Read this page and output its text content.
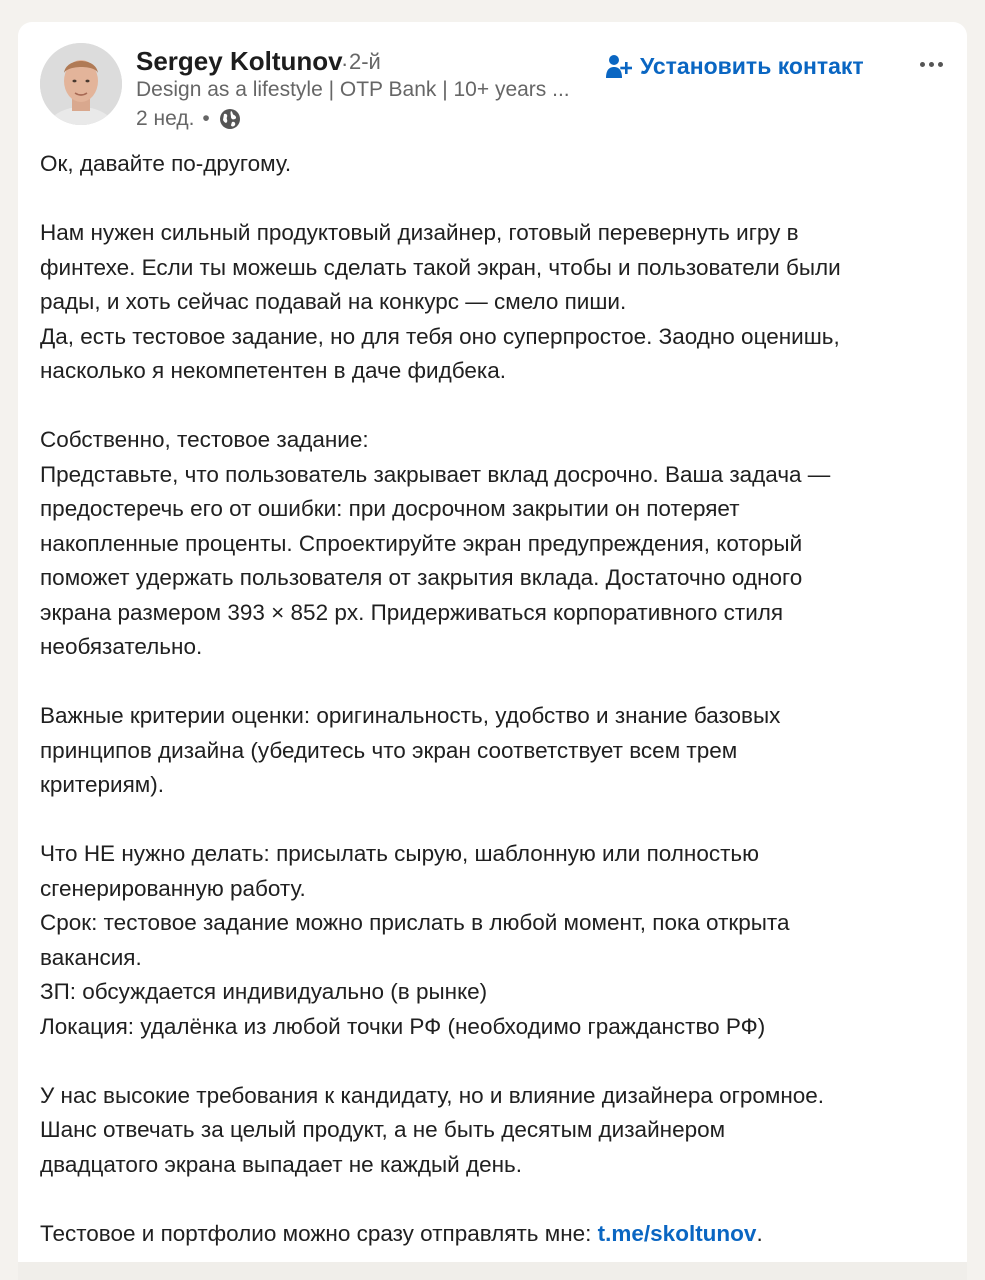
Sergey Koltunov
· 2-й
Design as a lifestyle | OTP Bank | 10+ years ...
2 нед. •
Установить контакт

Ок, давайте по-другому.

Нам нужен сильный продуктовый дизайнер, готовый перевернуть игру в
финтехе. Если ты можешь сделать такой экран, чтобы и пользователи были
рады, и хоть сейчас подавай на конкурс — смело пиши.
Да, есть тестовое задание, но для тебя оно суперпростое. Заодно оценишь,
насколько я некомпетентен в даче фидбека.

Собственно, тестовое задание:
Представьте, что пользователь закрывает вклад досрочно. Ваша задача —
предостеречь его от ошибки: при досрочном закрытии он потеряет
накопленные проценты. Спроектируйте экран предупреждения, который
поможет удержать пользователя от закрытия вклада. Достаточно одного
экрана размером 393 × 852 px. Придерживаться корпоративного стиля
необязательно.

Важные критерии оценки: оригинальность, удобство и знание базовых
принципов дизайна (убедитесь что экран соответствует всем трем
критериям).

Что НЕ нужно делать: присылать сырую, шаблонную или полностью
сгенерированную работу.
Срок: тестовое задание можно прислать в любой момент, пока открыта
вакансия.
ЗП: обсуждается индивидуально (в рынке)
Локация: удалёнка из любой точки РФ (необходимо гражданство РФ)

У нас высокие требования к кандидату, но и влияние дизайнера огромное.
Шанс отвечать за целый продукт, а не быть десятым дизайнером
двадцатого экрана выпадает не каждый день.

Тестовое и портфолио можно сразу отправлять мне: t.me/skoltunov.
